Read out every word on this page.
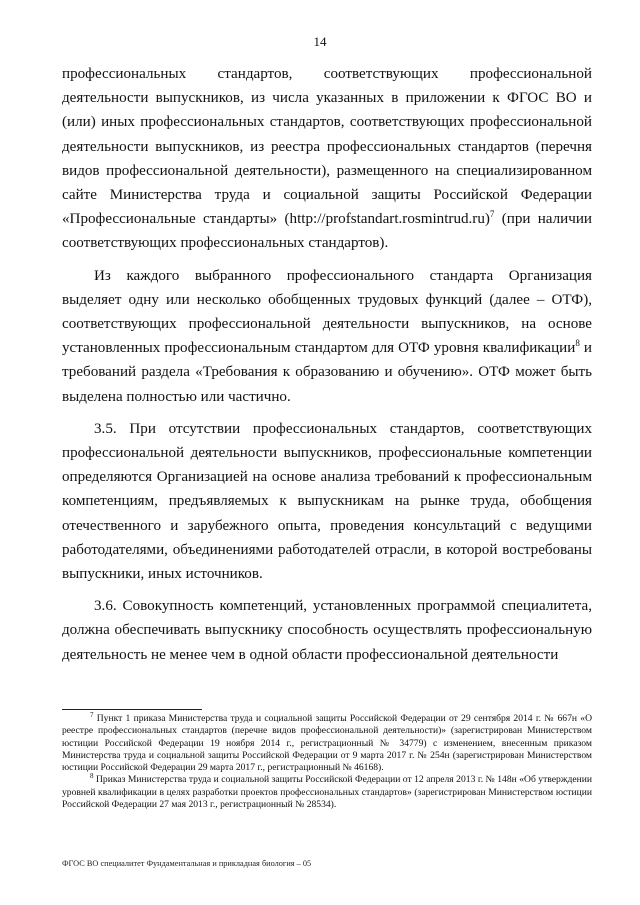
14

профессиональных стандартов, соответствующих профессиональной деятельности выпускников, из числа указанных в приложении к ФГОС ВО и (или) иных профессиональных стандартов, соответствующих профессиональной деятельности выпускников, из реестра профессиональных стандартов (перечня видов профессиональной деятельности), размещенного на специализированном сайте Министерства труда и социальной защиты Российской Федерации «Профессиональные стандарты» (http://profstandart.rosmintrud.ru)$^7$ (при наличии соответствующих профессиональных стандартов).

Из каждого выбранного профессионального стандарта Организация выделяет одну или несколько обобщенных трудовых функций (далее – ОТФ), соответствующих профессиональной деятельности выпускников, на основе установленных профессиональным стандартом для ОТФ уровня квалификации$^8$ и требований раздела «Требования к образованию и обучению». ОТФ может быть выделена полностью или частично.

3.5. При отсутствии профессиональных стандартов, соответствующих профессиональной деятельности выпускников, профессиональные компетенции определяются Организацией на основе анализа требований к профессиональным компетенциям, предъявляемых к выпускникам на рынке труда, обобщения отечественного и зарубежного опыта, проведения консультаций с ведущими работодателями, объединениями работодателей отрасли, в которой востребованы выпускники, иных источников.

3.6. Совокупность компетенций, установленных программой специалитета, должна обеспечивать выпускнику способность осуществлять профессиональную деятельность не менее чем в одной области профессиональной деятельности

$^7$ Пункт 1 приказа Министерства труда и социальной защиты Российской Федерации от 29 сентября 2014 г. № 667н «О реестре профессиональных стандартов (перечне видов профессиональной деятельности)» (зарегистрирован Министерством юстиции Российской Федерации 19 ноября 2014 г., регистрационный № 34779) с изменением, внесенным приказом Министерства труда и социальной защиты Российской Федерации от 9 марта 2017 г. № 254н (зарегистрирован Министерством юстиции Российской Федерации 29 марта 2017 г., регистрационный № 46168).

$^8$ Приказ Министерства труда и социальной защиты Российской Федерации от 12 апреля 2013 г. № 148н «Об утверждении уровней квалификации в целях разработки проектов профессиональных стандартов» (зарегистрирован Министерством юстиции Российской Федерации 27 мая 2013 г., регистрационный № 28534).

ФГОС ВО специалитет Фундаментальная и прикладная биология – 05
